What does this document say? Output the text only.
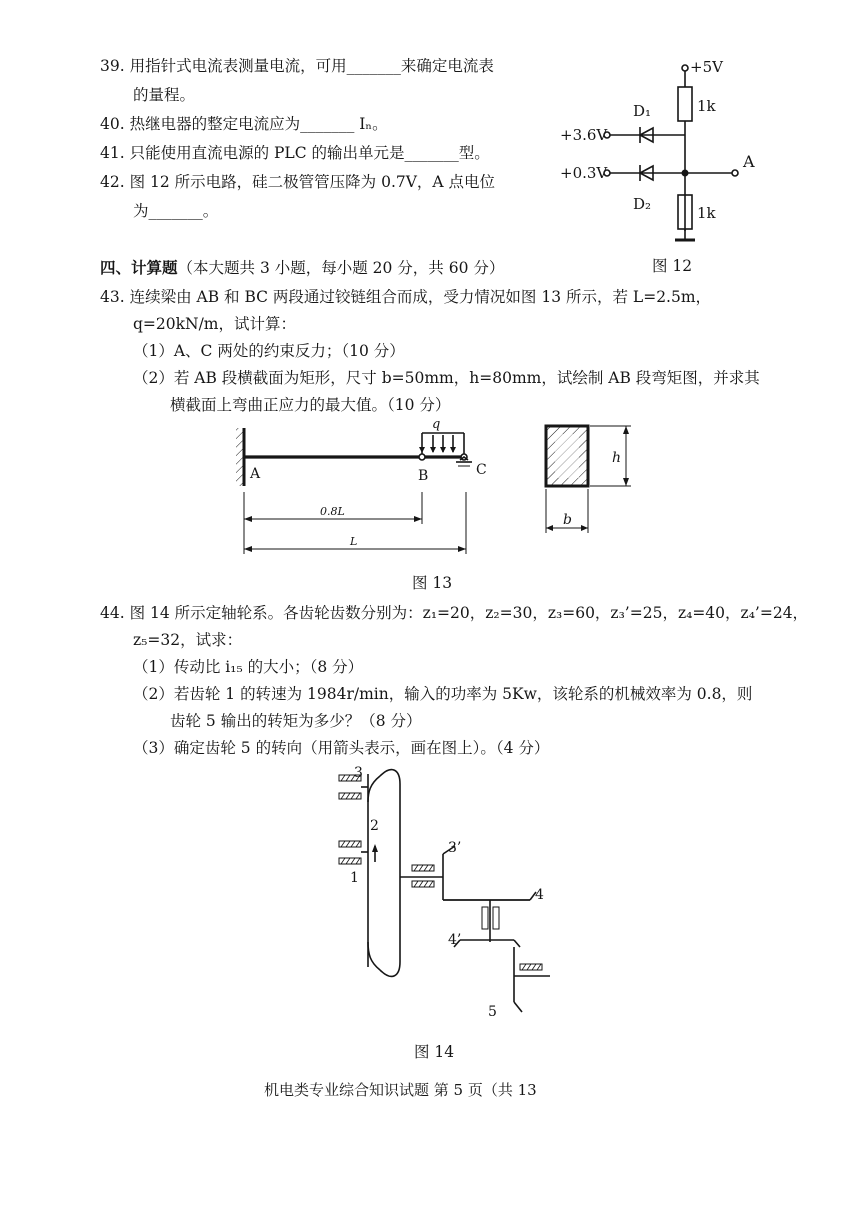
39. 用指针式电流表测量电流，可用_______来确定电流表
的量程。
40. 热继电器的整定电流应为_______ Iₙ。
41. 只能使用直流电源的 PLC 的输出单元是_______型。
42. 图 12 所示电路，硅二极管管压降为 0.7V，A 点电位
为_______。
+5V
1k
D₁
+3.6V
+0.3V
A
D₂	1k
图 12
四、计算题（本大题共 3 小题，每小题 20 分，共 60 分）
43. 连续梁由 AB 和 BC 两段通过铰链组合而成，受力情况如图 13 所示，若 L=2.5m，
q=20kN/m，试计算：
（1）A、C 两处的约束反力；（10 分）
（2）若 AB 段横截面为矩形，尺寸 b=50mm，h=80mm，试绘制 AB 段弯矩图，并求其
横截面上弯曲正应力的最大值。（10 分）
A	B	C
q
0.8L
L
h
b
图 13
44. 图 14 所示定轴轮系。各齿轮齿数分别为：z₁=20，z₂=30，z₃=60，z₃’=25，z₄=40，z₄’=24，
z₅=32，试求：
（1）传动比 i₁₅ 的大小；（8 分）
（2）若齿轮 1 的转速为 1984r/min，输入的功率为 5Kw，该轮系的机械效率为 0.8，则
齿轮 5 输出的转矩为多少？（8 分）
（3）确定齿轮 5 的转向（用箭头表示，画在图上）。（4 分）
3
2
1
3’
4
4’
5
图 14
机电类专业综合知识试题 第 5 页（共 13
